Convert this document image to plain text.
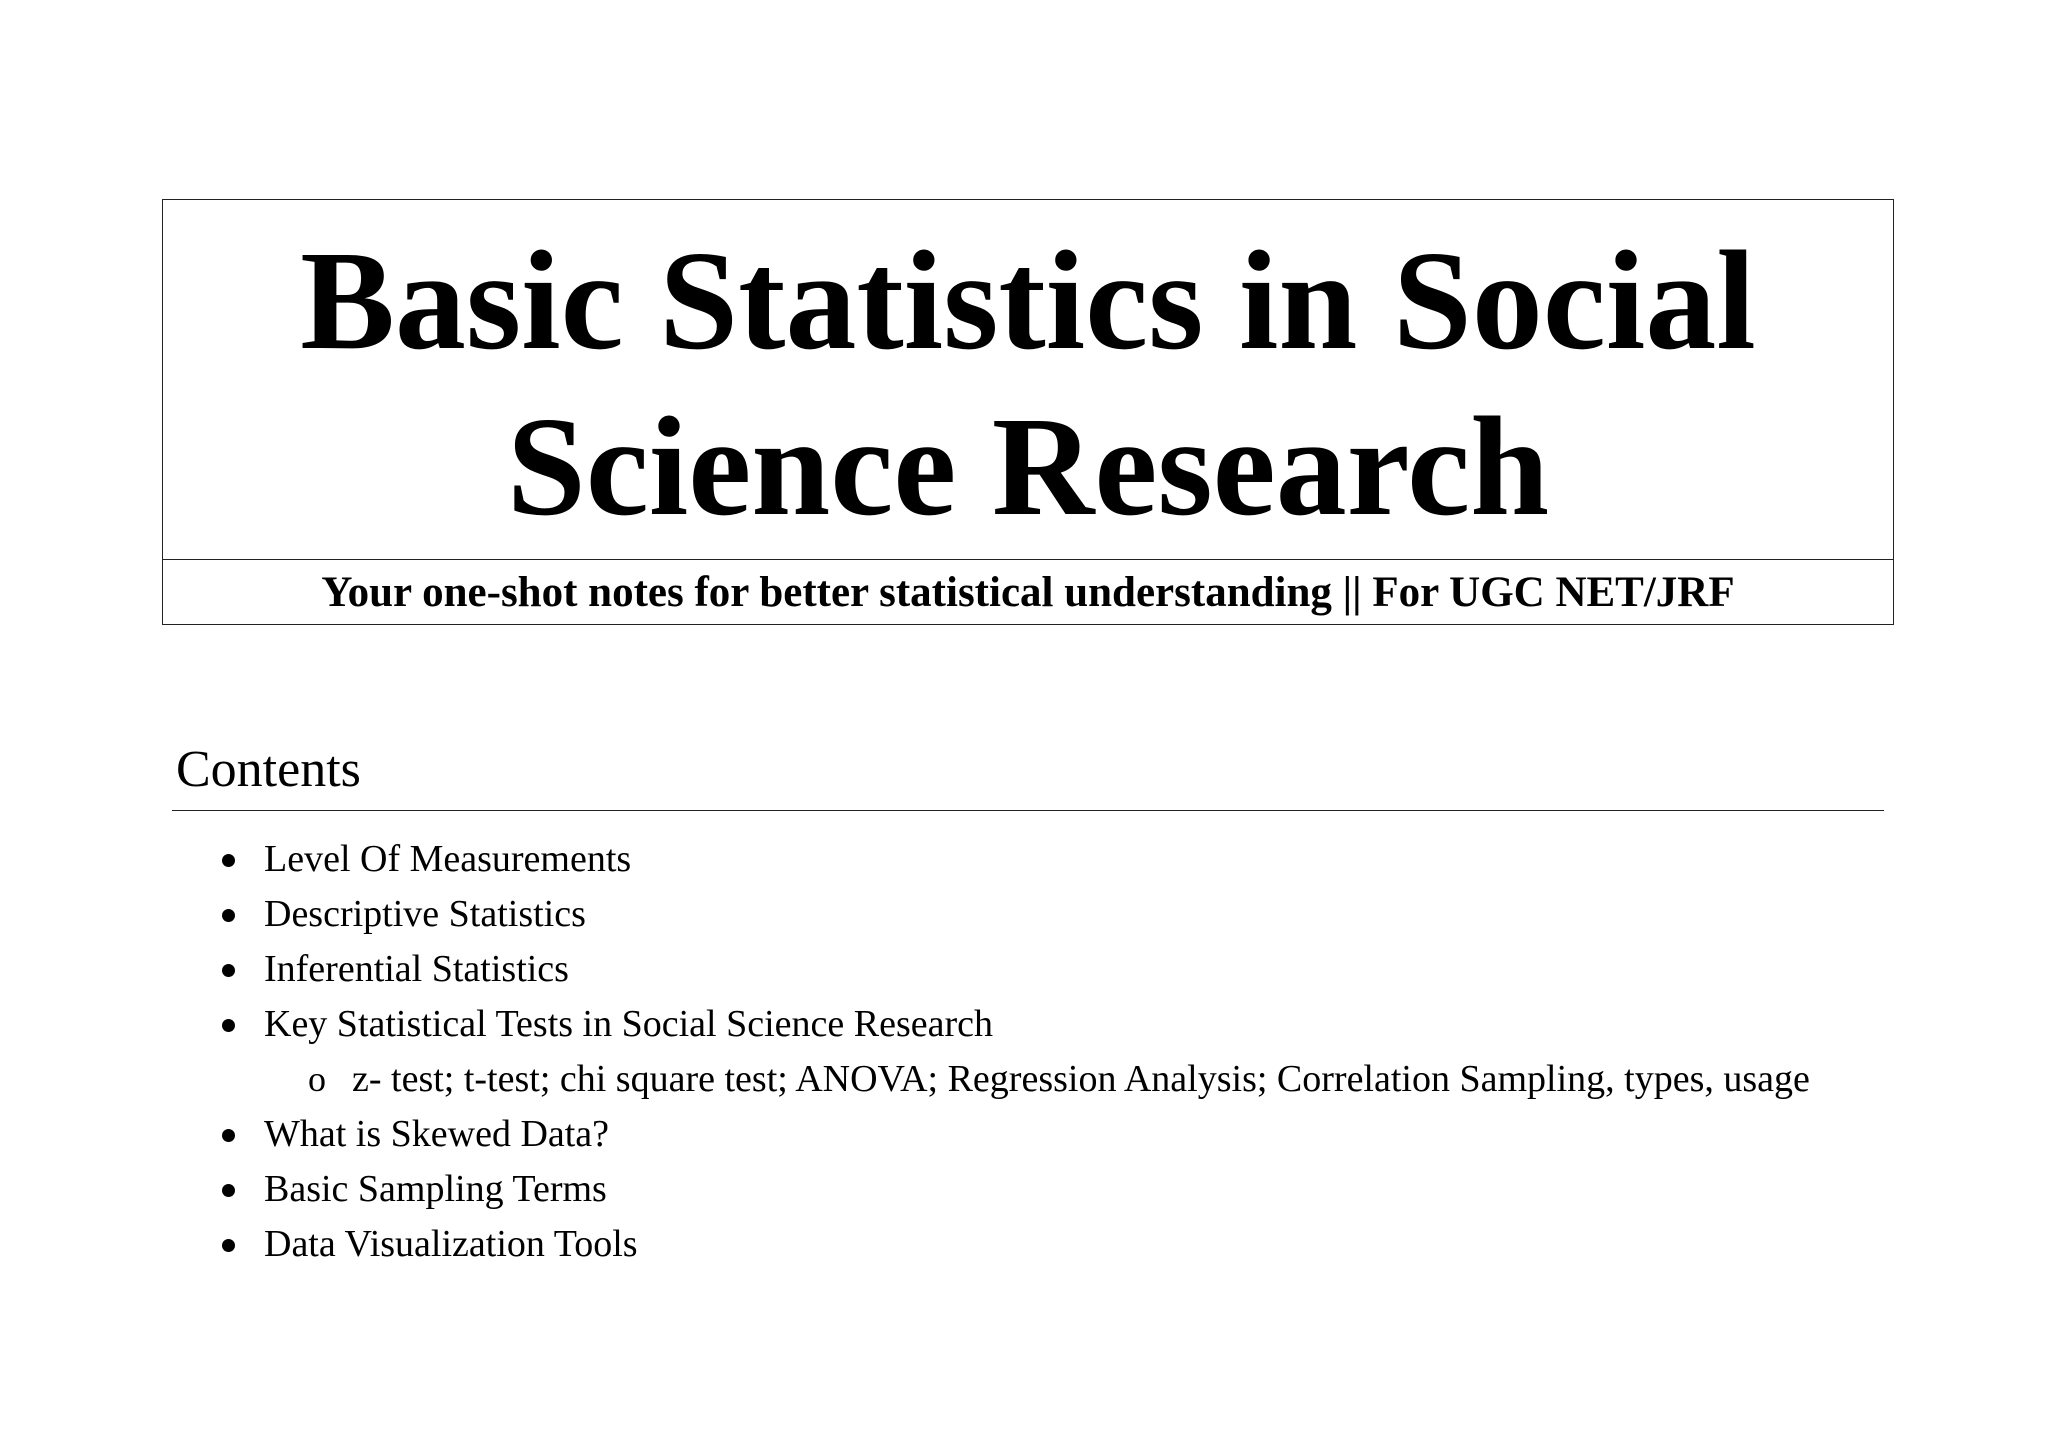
Basic Statistics in Social Science Research
Your one-shot notes for better statistical understanding || For UGC NET/JRF
Contents
Level Of Measurements
Descriptive Statistics
Inferential Statistics
Key Statistical Tests in Social Science Research
o z- test; t-test; chi square test; ANOVA; Regression Analysis; Correlation Sampling, types, usage
What is Skewed Data?
Basic Sampling Terms
Data Visualization Tools
